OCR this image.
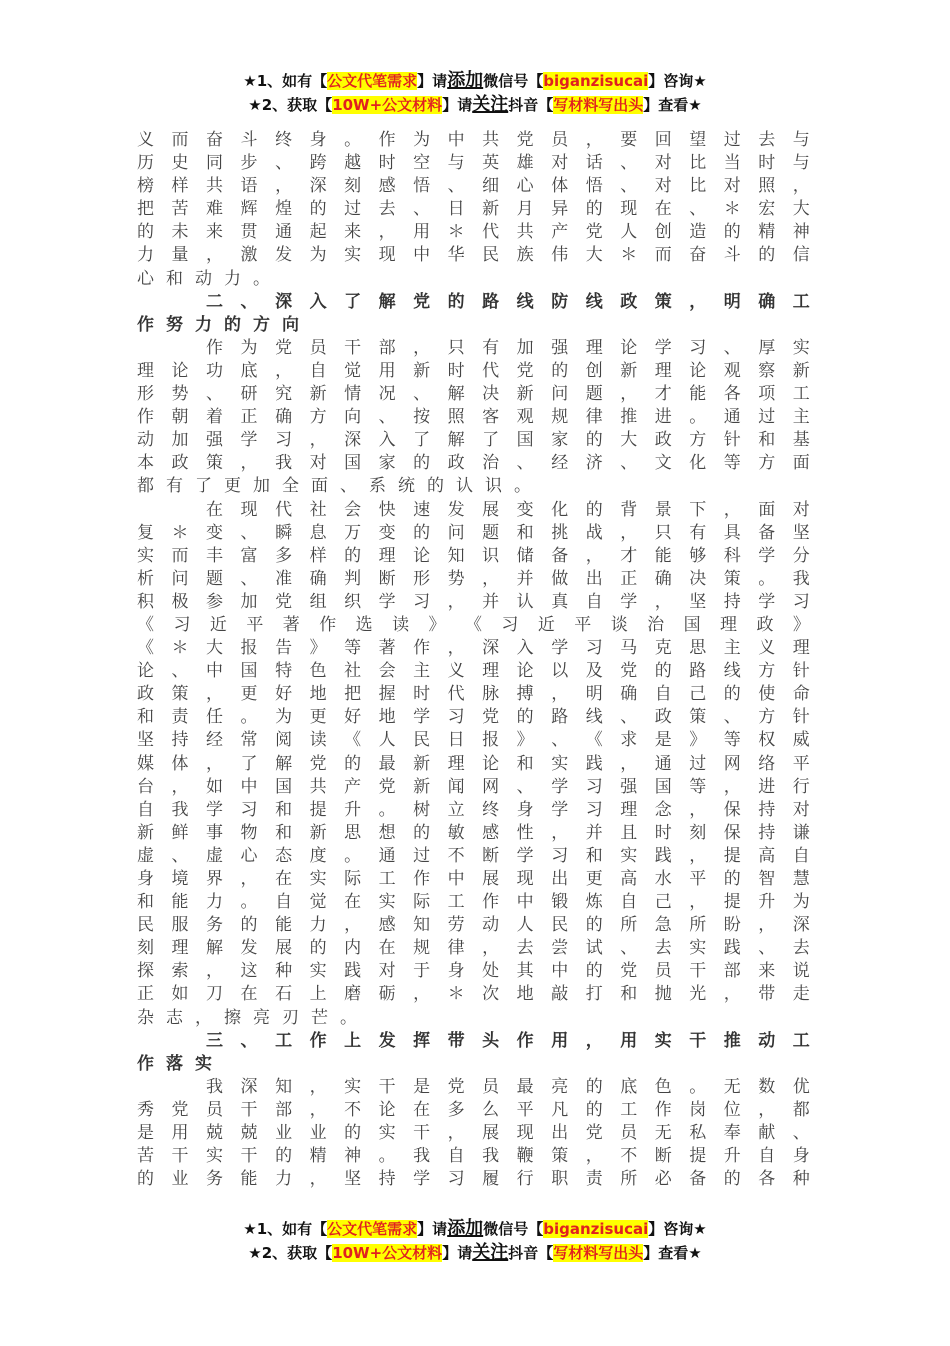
★1、如有【公文代笔需求】请添加微信号【biganzisucai】咨询★
★2、获取【10W+公文材料】请关注抖音【写材料写出头】查看★
义 而 奋 斗 终 身 。 作 为 中 共 党 员 ， 要 回 望 过 去 与
历 史 同 步 、 跨 越 时 空 与 英 雄 对 话 、 对 比 当 时 与
榜 样 共 语 ， 深 刻 感 悟 、 细 心 体 悟 、 对 比 对 照 ，
把 苦 难 辉 煌 的 过 去 、 日 新 月 异 的 现 在 、 ＊ 宏 大
的 未 来 贯 通 起 来 ， 用 ＊ 代 共 产 党 人 创 造 的 精 神
力 量 ， 激 发 为 实 现 中 华 民 族 伟 大 ＊ 而 奋 斗 的 信
心 和 动 力 。

二 、 深 入 了 解 党 的 路 线 防 线 政 策 ， 明 确 工
作 努 力 的 方 向

作 为 党 员 干 部 ， 只 有 加 强 理 论 学 习 、 厚 实
理 论 功 底 ， 自 觉 用 新 时 代 党 的 创 新 理 论 观 察 新
形 势 、 研 究 新 情 况 、 解 决 新 问 题 ， 才 能 各 项 工
作 朝 着 正 确 方 向 、 按 照 客 观 规 律 推 进 。 通 过 主
动 加 强 学 习 ， 深 入 了 解 了 国 家 的 大 政 方 针 和 基
本 政 策 ， 我 对 国 家 的 政 治 、 经 济 、 文 化 等 方 面
都 有 了 更 加 全 面 、 系 统 的 认 识 。

在 现 代 社 会 快 速 发 展 变 化 的 背 景 下 ， 面 对
复 ＊ 变 、 瞬 息 万 变 的 问 题 和 挑 战 ， 只 有 具 备 坚
实 而 丰 富 多 样 的 理 论 知 识 储 备 ， 才 能 够 科 学 分
析 问 题 、 准 确 判 断 形 势 ， 并 做 出 正 确 决 策 。 我
积 极 参 加 党 组 织 学 习 ， 并 认 真 自 学 ， 坚 持 学 习
《 习 近 平 著 作 选 读 》 《 习 近 平 谈 治 国 理 政 》
《 ＊ 大 报 告 》 等 著 作 ， 深 入 学 习 马 克 思 主 义 理
论 、 中 国 特 色 社 会 主 义 理 论 以 及 党 的 路 线 方 针
政 策 ， 更 好 地 把 握 时 代 脉 搏 ， 明 确 自 己 的 使 命
和 责 任 。 为 更 好 地 学 习 党 的 路 线 、 政 策 、 方 针
坚 持 经 常 阅 读 《 人 民 日 报 》 、 《 求 是 》 等 权 威
媒 体 ， 了 解 党 的 最 新 理 论 和 实 践 ， 通 过 网 络 平
台 ， 如 中 国 共 产 党 新 闻 网 、 学 习 强 国 等 ， 进 行
自 我 学 习 和 提 升 。 树 立 终 身 学 习 理 念 ， 保 持 对
新 鲜 事 物 和 新 思 想 的 敏 感 性 ， 并 且 时 刻 保 持 谦
虚 、 虚 心 态 度 。 通 过 不 断 学 习 和 实 践 ， 提 高 自
身 境 界 ， 在 实 际 工 作 中 展 现 出 更 高 水 平 的 智 慧
和 能 力 。 自 觉 在 实 际 工 作 中 锻 炼 自 己 ， 提 升 为
民 服 务 的 能 力 ， 感 知 劳 动 人 民 的 所 急 所 盼 ， 深
刻 理 解 发 展 的 内 在 规 律 ， 去 尝 试 、 去 实 践 、 去
探 索 ， 这 种 实 践 对 于 身 处 其 中 的 党 员 干 部 来 说
正 如 刀 在 石 上 磨 砺 ， ＊ 次 地 敲 打 和 抛 光 ， 带 走
杂 志 ， 擦 亮 刃 芒 。

三 、 工 作 上 发 挥 带 头 作 用 ， 用 实 干 推 动 工
作 落 实

我 深 知 ， 实 干 是 党 员 最 亮 的 底 色 。 无 数 优
秀 党 员 干 部 ， 不 论 在 多 么 平 凡 的 工 作 岗 位 ， 都
是 用 兢 兢 业 业 的 实 干 ， 展 现 出 党 员 无 私 奉 献 、
苦 干 实 干 的 精 神 。 我 自 我 鞭 策 ， 不 断 提 升 自 身
的 业 务 能 力 ， 坚 持 学 习 履 行 职 责 所 必 备 的 各 种
★1、如有【公文代笔需求】请添加微信号【biganzisucai】咨询★
★2、获取【10W+公文材料】请关注抖音【写材料写出头】查看★
